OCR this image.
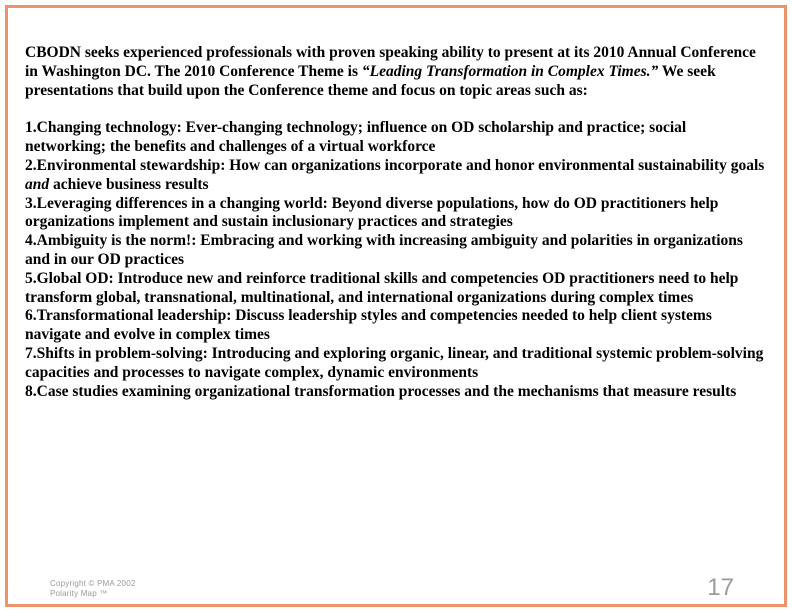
CBODN seeks experienced professionals with proven speaking ability to present at its 2010 Annual Conference in Washington DC. The 2010 Conference Theme is “Leading Transformation in Complex Times.” We seek presentations that build upon the Conference theme and focus on topic areas such as:

1.Changing technology: Ever-changing technology; influence on OD scholarship and practice; social networking; the benefits and challenges of a virtual workforce

2.Environmental stewardship: How can organizations incorporate and honor environmental sustainability goals and achieve business results

3.Leveraging differences in a changing world: Beyond diverse populations, how do OD practitioners help organizations implement and sustain inclusionary practices and strategies

4.Ambiguity is the norm!: Embracing and working with increasing ambiguity and polarities in organizations and in our OD practices

5.Global OD: Introduce new and reinforce traditional skills and competencies OD practitioners need to help transform global, transnational, multinational, and international organizations during complex times

6.Transformational leadership: Discuss leadership styles and competencies needed to help client systems navigate and evolve in complex times

7.Shifts in problem-solving: Introducing and exploring organic, linear, and traditional systemic problem-solving capacities and processes to navigate complex, dynamic environments

8.Case studies examining organizational transformation processes and the mechanisms that measure results

Copyright © PMA 2002
Polarity Map ™	17
